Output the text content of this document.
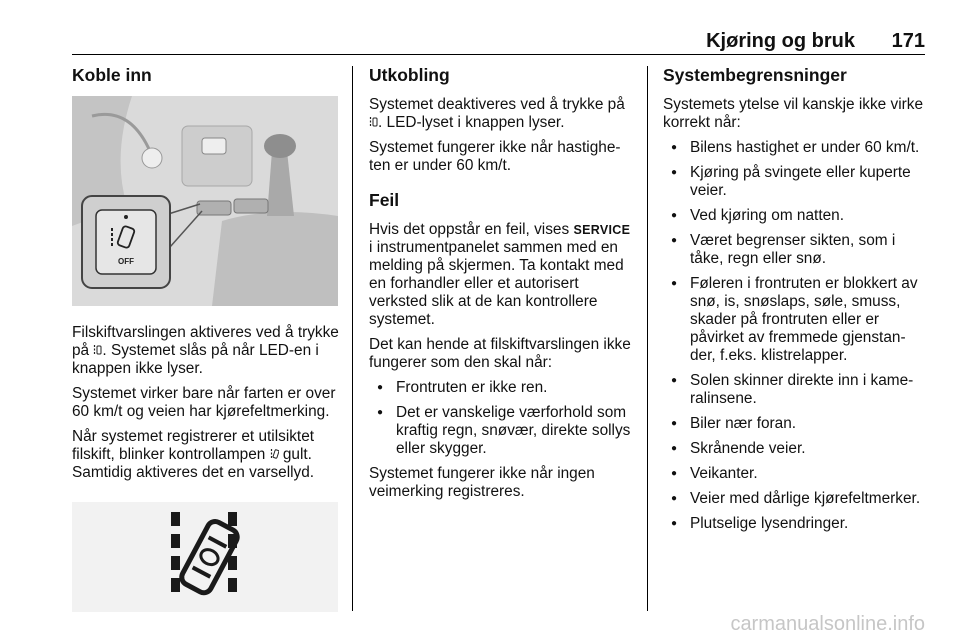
Kjøring og bruk 171
Koble inn
OFF

Filskiftvarslingen aktiveres ved å trykke på . Systemet slås på når LED-en i knappen ikke lyser.

Systemet virker bare når farten er over 60 km/t og veien har kjørefeltmerking.

Når systemet registrerer et utilsiktet filskift, blinker kontrollampen  gult. Samtidig aktiveres det en varsellyd.

Utkobling

Systemet deaktiveres ved å trykke på . LED-lyset i knappen lyser.

Systemet fungerer ikke når hastigheten er under 60 km/t.

Feil

Hvis det oppstår en feil, vises SERVICE i instrumentpanelet sammen med en melding på skjermen. Ta kontakt med en forhandler eller et autorisert verksted slik at de kan kontrollere systemet.

Det kan hende at filskiftvarslingen ikke fungerer som den skal når:

● Frontruten er ikke ren.
● Det er vanskelige værforhold som kraftig regn, snøvær, direkte sollys eller skygger.

Systemet fungerer ikke når ingen veimerking registreres.

Systembegrensninger

Systemets ytelse vil kanskje ikke virke korrekt når:

● Bilens hastighet er under 60 km/t.
● Kjøring på svingete eller kuperte veier.
● Ved kjøring om natten.
● Været begrenser sikten, som i tåke, regn eller snø.
● Føleren i frontruten er blokkert av snø, is, snøslaps, søle, smuss, skader på frontruten eller er påvirket av fremmede gjenstander, f.eks. klistrelapper.
● Solen skinner direkte inn i kameralinsene.
● Biler nær foran.
● Skrånende veier.
● Veikanter.
● Veier med dårlige kjørefeltmerker.
● Plutselige lysendringer.
carmanualsonline.info
